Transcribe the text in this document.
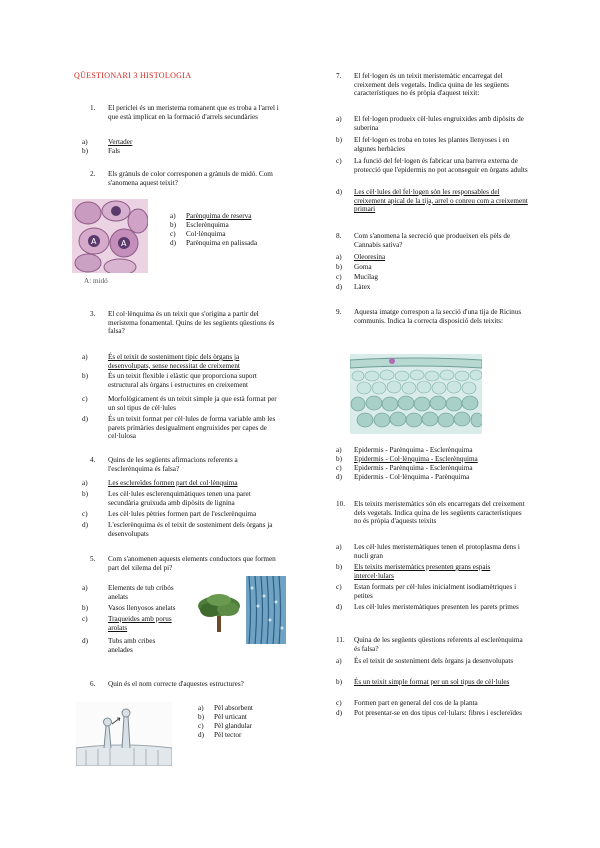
QÜESTIONARI 3 HISTOLOGIA
1. El periclei és un meristema romanent que es troba a l'arrel i que està implicat en la formació d'arrels secundàries
a)	Vertader
b)	Fals
2. Els grànuls de color corresponen a grànuls de midó. Com s'anomena aquest teixit?
A	A
A: midó
a) Parènquima de reserva
b) Esclerènquima
c) Col·lènquima
d) Parènquima en palissada
3. El col·lènquima és un teixit que s'origina a partir del meristema fonamental. Quins de les següents qüestions és falsa?
a)	És el teixit de sosteniment típic dels òrgans ja desenvolupats, sense necessitat de creixement
b)	És un teixit flexible i elàstic que proporciona suport estructural als òrgans i estructures en creixement
c)	Morfològicament és un teixit simple ja que està format per un sol tipus de cèl·lules
d)	És un teixit format per cèl·lules de forma variable amb les parets primàries desigualment engruixides per capes de cel·lulosa
4. Quins de les següents afirmacions referents a l'esclerènquima és falsa?
a)	Les esclereïdes formen part del col·lènquima
b)	Les cèl·lules esclerenquimàtiques tenen una paret secundària gruixuda amb dipòsits de lignina
c)	Les cèl·lules pètries formen part de l'esclerènquima
d)	L'esclerènquima és el teixit de sosteniment dels òrgans ja desenvolupats
5. Com s'anomenen aquests elements conductors que formen part del xilema del pi?
a)	Elements de tub cribós anelats
b)	Vasos llenyosos anelats
c)	Traqueides amb porus arolats
d)	Tubs amb cribes anelades
6. Quin és el nom correcte d'aquestes estructures?
a) Pèl absorbent
b) Pèl urticant
c) Pèl glandular
d) Pèl tector
7. El fel·logen és un teixit meristemàtic encarregat del creixement dels vegetals. Indica quina de les següents característiques no és pròpia d'aquest teixit:
a) El fel·logen produeix cèl·lules engruixides amb dipòsits de suberina
b) El fel·logen es troba en totes les plantes llenyoses i en algunes herbàcies
c) La funció del fel·logen és fabricar una barrera externa de protecció que l'epidermis no pot aconseguir en òrgans adults
d) Les cèl·lules del fel·logen són les responsables del creixement apical de la tija, arrel o conreu com a creixement primari
8. Com s'anomena la secreció que produeixen els pèls de Cannabis sativa?
a) Oleoresina
b) Goma
c) Mucílag
d) Làtex
9. Aquesta imatge correspon a la secció d'una tija de Ricinus communis. Indica la correcta disposició dels teixits:
a) Epidermis - Parènquima - Esclerènquima
b) Epidermis - Col·lènquima - Esclerènquima
c) Epidermis - Parènquima - Esclerènquima
d) Epidermis - Col·lènquima - Parènquima
10. Els teixits meristemàtics són els encarregats del creixement dels vegetals. Indica quina de les següents característiques no és pròpia d'aquests teixits
a) Les cèl·lules meristemàtiques tenen el protoplasma dens i nucli gran
b) Els teixits meristemàtics presenten grans espais intercel·lulars
c) Estan formats per cèl·lules inicialment isodiamètriques i petites
d) Les cèl·lules meristemàtiques presenten les parets primes
11. Quina de les següents qüestions referents al esclerènquima és falsa?
a) És el teixit de sosteniment dels òrgans ja desenvolupats
b) És un teixit simple format per un sol tipus de cèl·lules
c) Formen part en general del cos de la planta
d) Pot presentar-se en dos tipus cel·lulars: fibres i esclereïdes
